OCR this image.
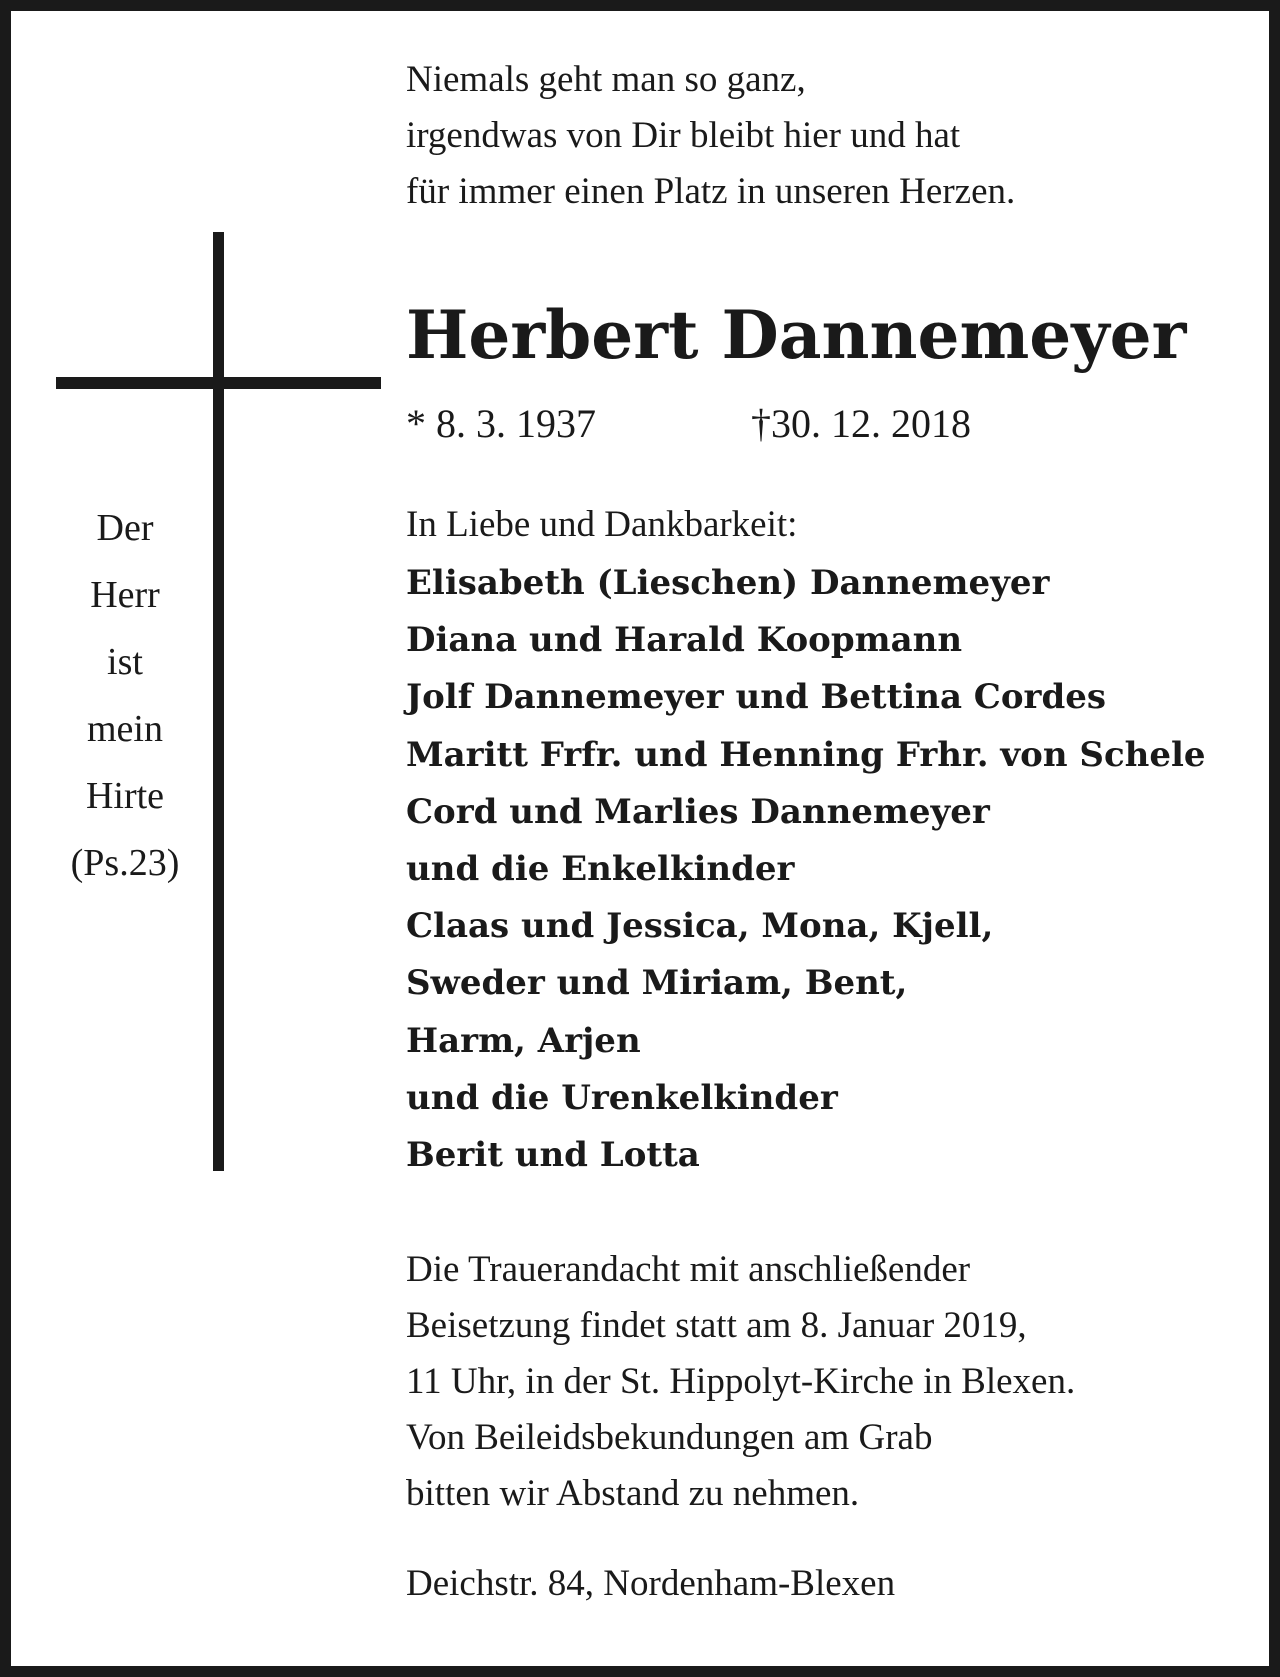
Der
Herr
ist
mein
Hirte
(Ps.23)
Niemals geht man so ganz,
irgendwas von Dir bleibt hier und hat
für immer einen Platz in unseren Herzen.
Herbert Dannemeyer
* 8. 3. 1937	†30. 12. 2018
In Liebe und Dankbarkeit:
Elisabeth (Lieschen) Dannemeyer
Diana und Harald Koopmann
Jolf Dannemeyer und Bettina Cordes
Maritt Frfr. und Henning Frhr. von Schele
Cord und Marlies Dannemeyer
und die Enkelkinder
Claas und Jessica, Mona, Kjell,
Sweder und Miriam, Bent,
Harm, Arjen
und die Urenkelkinder
Berit und Lotta
Die Trauerandacht mit anschließender
Beisetzung findet statt am 8. Januar 2019,
11 Uhr, in der St. Hippolyt-Kirche in Blexen.
Von Beileidsbekundungen am Grab
bitten wir Abstand zu nehmen.
Deichstr. 84, Nordenham-Blexen
